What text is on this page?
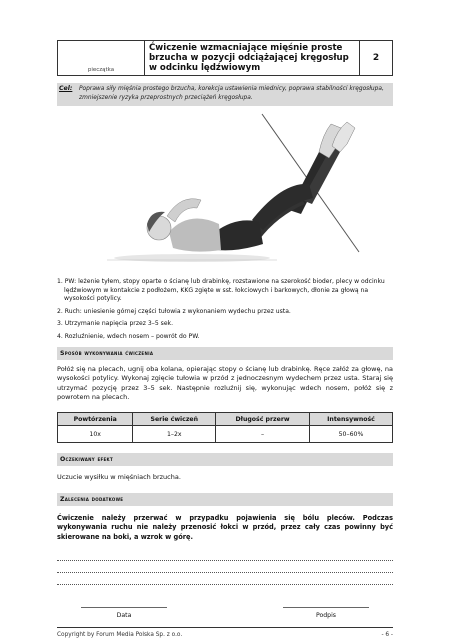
pieczątka
Ćwiczenie wzmacniające mięśnie proste brzucha w pozycji odciążającej kręgosłup w odcinku lędźwiowym
2
Cel: Poprawa siły mięśnia prostego brzucha, korekcja ustawienia miednicy, poprawa stabilności kręgosłupa, zmniejszenie ryzyka przeprostnych przeciążeń kręgosłupa.
1. PW: leżenie tyłem, stopy oparte o ścianę lub drabinkę, rozstawione na szerokość bioder, plecy w odcinku lędźwiowym w kontakcie z podłożem, KKG zgięte w sst. łokciowych i barkowych, dłonie za głową na wysokości potylicy.
2. Ruch: uniesienie górnej części tułowia z wykonaniem wydechu przez usta.
3. Utrzymanie napięcia przez 3–5 sek.
4. Rozluźnienie, wdech nosem – powrót do PW.
Sposób wykonywania ćwiczenia
Połóż się na plecach, ugnij oba kolana, opierając stopy o ścianę lub drabinkę. Ręce załóż za głowę, na wysokości potylicy. Wykonaj zgięcie tułowia w przód z jednoczesnym wydechem przez usta. Staraj się utrzymać pozycję przez 3–5 sek. Następnie rozluźnij się, wykonując wdech nosem, połóż się z powrotem na plecach.
Powtórzenia	Serie ćwiczeń	Długość przerw	Intensywność
10x	1–2x	–	50–60%
Oczekiwany efekt
Uczucie wysiłku w mięśniach brzucha.
Zalecenia dodatkowe
Ćwiczenie należy przerwać w przypadku pojawienia się bólu pleców. Podczas wykonywania ruchu nie należy przenosić łokci w przód, przez cały czas powinny być skierowane na boki, a wzrok w górę.
Data	Podpis
Copyright by Forum Media Polska Sp. z o.o.	- 6 -
